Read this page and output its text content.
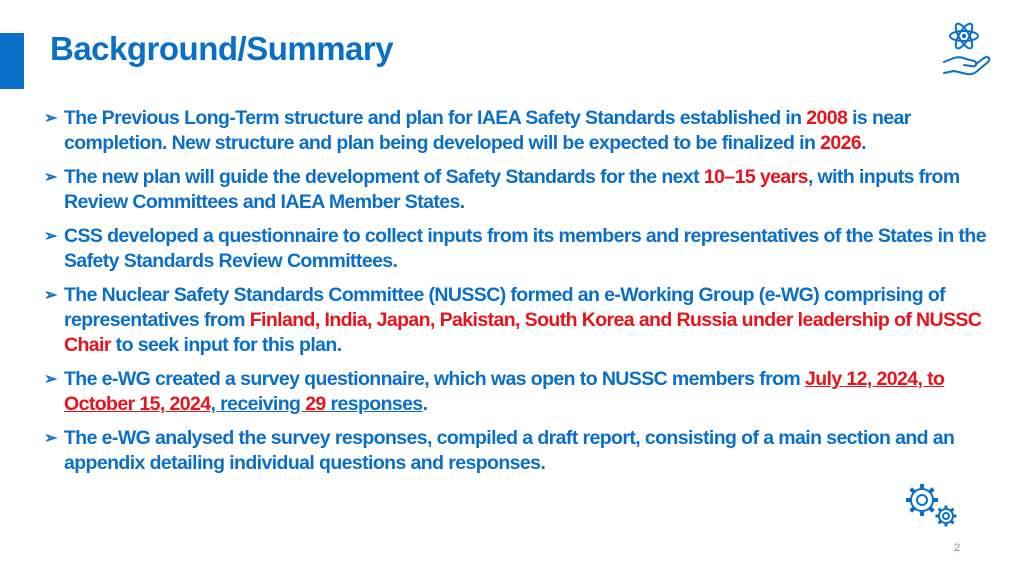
Background/Summary
➢ The Previous Long-Term structure and plan for IAEA Safety Standards established in 2008 is near completion. New structure and plan being developed will be expected to be finalized in 2026.
➢ The new plan will guide the development of Safety Standards for the next 10–15 years, with inputs from Review Committees and IAEA Member States.
➢ CSS developed a questionnaire to collect inputs from its members and representatives of the States in the Safety Standards Review Committees.
➢ The Nuclear Safety Standards Committee (NUSSC) formed an e-Working Group (e-WG) comprising of representatives from Finland, India, Japan, Pakistan, South Korea and Russia under leadership of NUSSC Chair to seek input for this plan.
➢ The e-WG created a survey questionnaire, which was open to NUSSC members from July 12, 2024, to October 15, 2024, receiving 29 responses.
➢ The e-WG analysed the survey responses, compiled a draft report, consisting of a main section and an appendix detailing individual questions and responses.
2
